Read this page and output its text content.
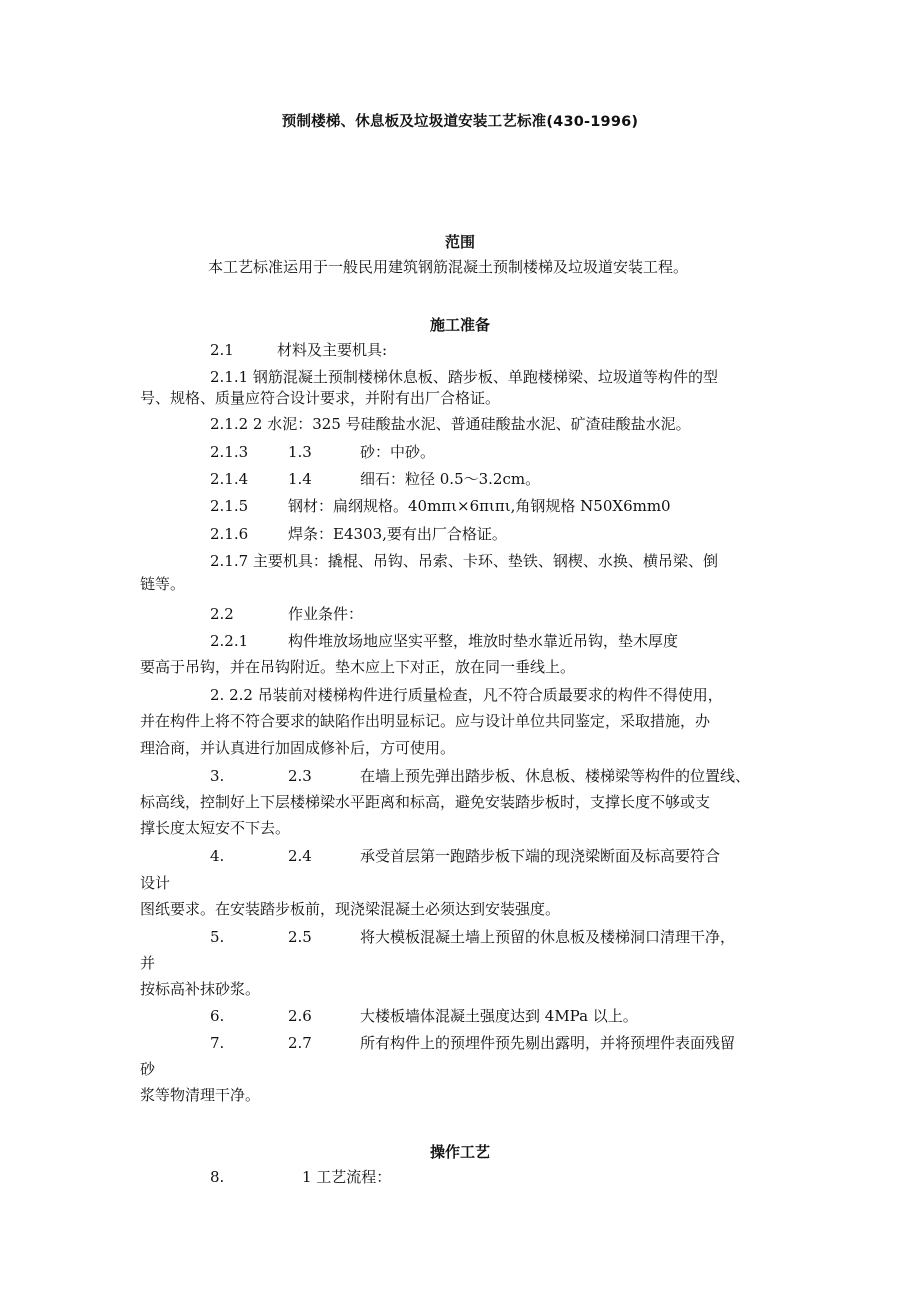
预制楼梯、休息板及垃圾道安装工艺标准(430-1996)
范围
本工艺标准运用于一般民用建筑钢筋混凝土预制楼梯及垃圾道安装工程。
施工准备
2.1	材料及主要机具:
2.1.1 钢筋混凝土预制楼梯休息板、踏步板、单跑楼梯梁、垃圾道等构件的型
号、规格、质量应符合设计要求，并附有出厂合格证。
2.1.2 2 水泥：325 号硅酸盐水泥、普通硅酸盐水泥、矿渣硅酸盐水泥。
2.1.3	1.3	砂：中砂。
2.1.4	1.4	细石：粒径 0.5～3.2cm。
2.1.5	钢材：扁纲规格。40mπι×6πιπι,角钢规格 N50X6mm0
2.1.6	焊条：E4303,要有出厂合格证。
2.1.7 主要机具：撬棍、吊钩、吊索、卡环、垫铁、钢楔、水换、横吊梁、倒
链等。
2.2	作业条件：
2.2.1	构件堆放场地应坚实平整，堆放时垫水靠近吊钩，垫木厚度
要高于吊钩，并在吊钩附近。垫木应上下对正，放在同一垂线上。
2. 2.2 吊装前对楼梯构件进行质量检查，凡不符合质最要求的构件不得使用，
并在构件上将不符合要求的缺陷作出明显标记。应与设计单位共同鉴定，采取措施，办
理洽商，并认真进行加固成修补后，方可使用。
3.	2.3	在墙上预先弹出踏步板、休息板、楼梯梁等构件的位置线、
标高线，控制好上下层楼梯梁水平距离和标高，避免安装踏步板时，支撑长度不够或支
撑长度太短安不下去。
4.	2.4	承受首层第一跑踏步板下端的现浇梁断面及标高要符合
设计
图纸要求。在安装踏步板前，现浇梁混凝土必须达到安装强度。
5.	2.5	将大模板混凝土墙上预留的休息板及楼梯洞口清理干净，
并
按标高补抹砂浆。
6.	2.6	大楼板墙体混凝土强度达到 4MPa 以上。
7.	2.7	所有构件上的预埋件预先剔出露明，并将预埋件表面残留
砂
浆等物清理干净。
操作工艺
8.	1 工艺流程：
